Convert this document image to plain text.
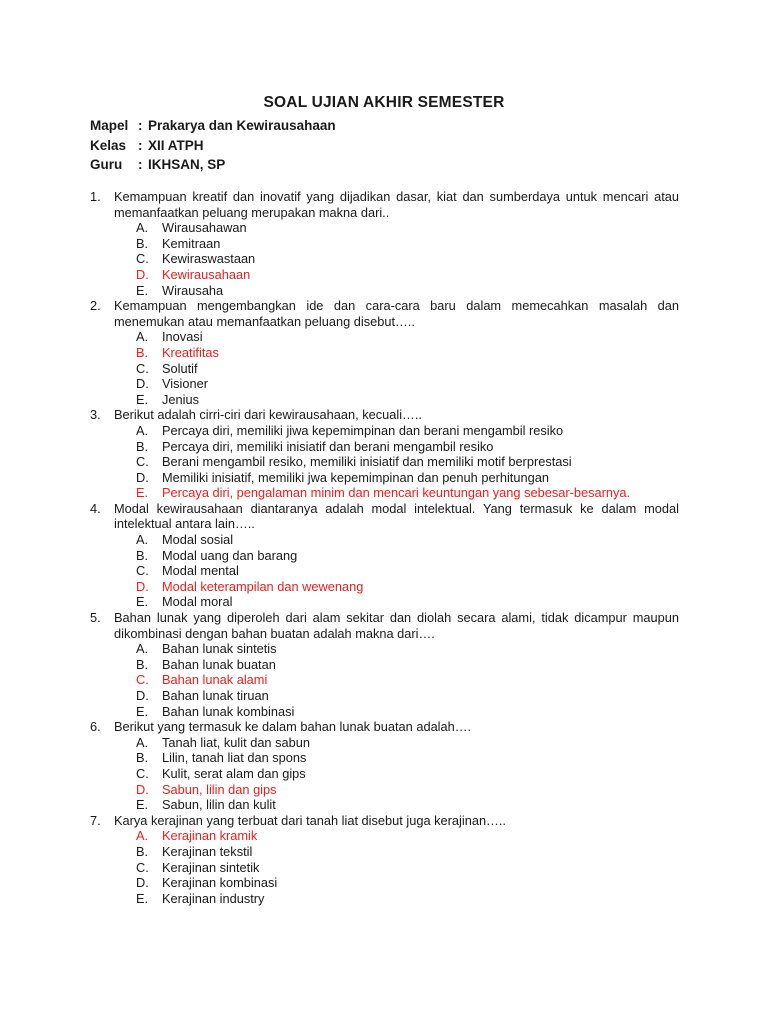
SOAL UJIAN AKHIR SEMESTER
Mapel : Prakarya dan Kewirausahaan
Kelas : XII ATPH
Guru	: IKHSAN, SP
1.	Kemampuan kreatif dan inovatif yang dijadikan dasar, kiat dan sumberdaya untuk mencari atau memanfaatkan peluang merupakan makna dari..
A.	Wirausahawan
B.	Kemitraan
C.	Kewiraswastaan
D.	Kewirausahaan
E.	Wirausaha
2.	Kemampuan mengembangkan ide dan cara-cara baru dalam memecahkan masalah dan menemukan atau memanfaatkan peluang disebut…..
A.	Inovasi
B.	Kreatifitas
C.	Solutif
D.	Visioner
E.	Jenius
3.	Berikut adalah cirri-ciri dari kewirausahaan, kecuali…..
A.	Percaya diri, memiliki jiwa kepemimpinan dan berani mengambil resiko
B.	Percaya diri, memiliki inisiatif dan berani mengambil resiko
C.	Berani mengambil resiko, memiliki inisiatif dan memiliki motif berprestasi
D.	Memiliki inisiatif, memiliki jwa kepemimpinan dan penuh perhitungan
E.	Percaya diri, pengalaman minim dan mencari keuntungan yang sebesar-besarnya.
4.	Modal kewirausahaan diantaranya adalah modal intelektual. Yang termasuk ke dalam modal intelektual antara lain…..
A.	Modal sosial
B.	Modal uang dan barang
C.	Modal mental
D.	Modal keterampilan dan wewenang
E.	Modal moral
5.	Bahan lunak yang diperoleh dari alam sekitar dan diolah secara alami, tidak dicampur maupun dikombinasi dengan bahan buatan adalah makna dari….
A.	Bahan lunak sintetis
B.	Bahan lunak buatan
C.	Bahan lunak alami
D.	Bahan lunak tiruan
E.	Bahan lunak kombinasi
6.	Berikut yang termasuk ke dalam bahan lunak buatan adalah….
A.	Tanah liat, kulit dan sabun
B.	Lilin, tanah liat dan spons
C.	Kulit, serat alam dan gips
D.	Sabun, lilin dan gips
E.	Sabun, lilin dan kulit
7.	Karya kerajinan yang terbuat dari tanah liat disebut juga kerajinan…..
A.	Kerajinan kramik
B.	Kerajinan tekstil
C.	Kerajinan sintetik
D.	Kerajinan kombinasi
E.	Kerajinan industry
